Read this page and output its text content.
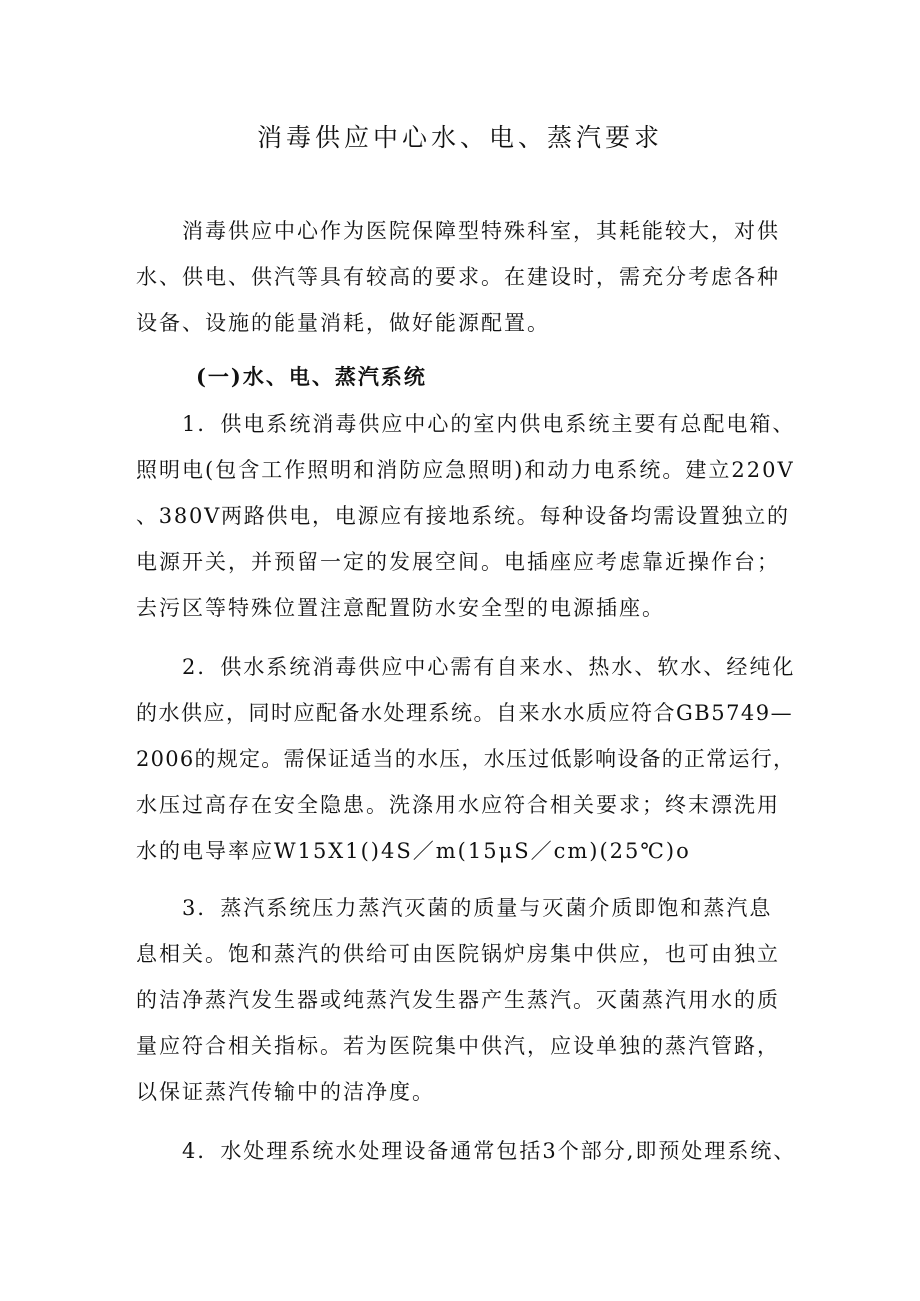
消毒供应中心水、电、蒸汽要求
消毒供应中心作为医院保障型特殊科室，其耗能较大，对供
水、供电、供汽等具有较高的要求。在建设时，需充分考虑各种
设备、设施的能量消耗，做好能源配置。
(一)水、电、蒸汽系统
1．供电系统消毒供应中心的室内供电系统主要有总配电箱、
照明电(包含工作照明和消防应急照明)和动力电系统。建立220V
、380V两路供电，电源应有接地系统。每种设备均需设置独立的
电源开关，并预留一定的发展空间。电插座应考虑靠近操作台；
去污区等特殊位置注意配置防水安全型的电源插座。
2．供水系统消毒供应中心需有自来水、热水、软水、经纯化
的水供应，同时应配备水处理系统。自来水水质应符合GB5749—
2006的规定。需保证适当的水压，水压过低影响设备的正常运行，
水压过高存在安全隐患。洗涤用水应符合相关要求；终末漂洗用
水的电导率应W15X1()4S／m(15μS／cm)(25℃)o
3．蒸汽系统压力蒸汽灭菌的质量与灭菌介质即饱和蒸汽息
息相关。饱和蒸汽的供给可由医院锅炉房集中供应，也可由独立
的洁净蒸汽发生器或纯蒸汽发生器产生蒸汽。灭菌蒸汽用水的质
量应符合相关指标。若为医院集中供汽，应设单独的蒸汽管路，
以保证蒸汽传输中的洁净度。
4．水处理系统水处理设备通常包括3个部分,即预处理系统、
